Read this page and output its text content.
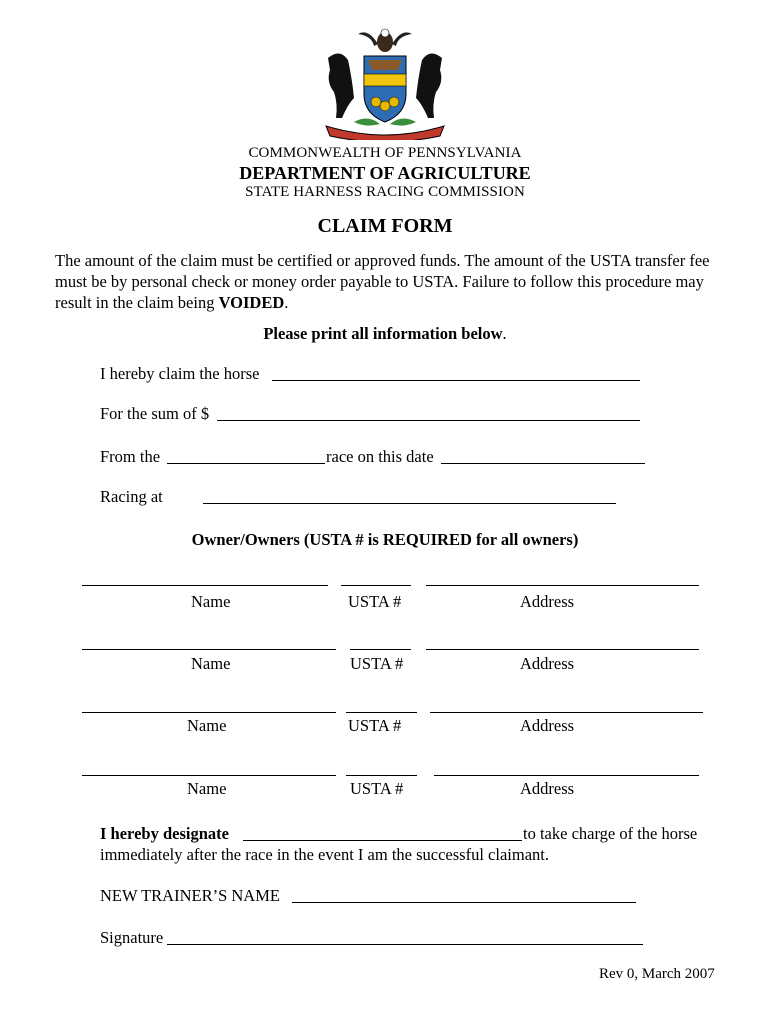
COMMONWEALTH OF PENNSYLVANIA
DEPARTMENT OF AGRICULTURE
STATE HARNESS RACING COMMISSION
CLAIM FORM
The amount of the claim must be certified or approved funds. The amount of the USTA transfer fee must be by personal check or money order payable to USTA. Failure to follow this procedure may result in the claim being VOIDED.
Please print all information below.
I hereby claim the horse
For the sum of $
From the	race on this date
Racing at
Owner/Owners (USTA # is REQUIRED for all owners)
Name	USTA #	Address
Name	USTA #	Address
Name	USTA #	Address
Name	USTA #	Address
I hereby designate	to take charge of the horse
immediately after the race in the event I am the successful claimant.
NEW TRAINER’S NAME
Signature
Rev 0, March 2007
